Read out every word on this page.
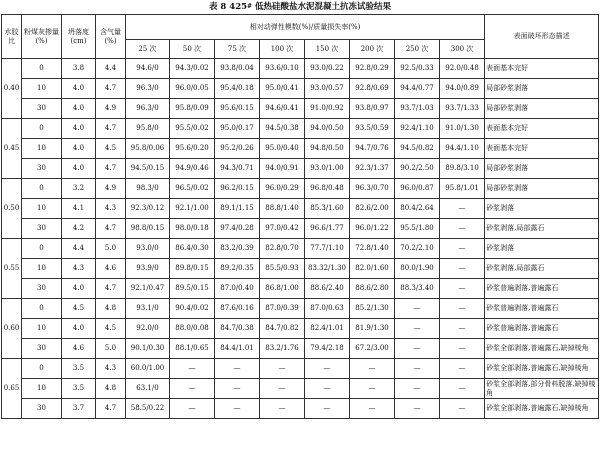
表 8 425# 低热硅酸盐水泥混凝土抗冻试验结果
水胶比	粉煤灰掺量(%)	坍落度(cm)	含气量(%)	相对动弹性模数(%)/质量损失率(%)								表面破坏形态描述
				25 次	50 次	75 次	100 次	150 次	200 次	250 次	300 次	
0.40	0	3.8	4.4	94.6/0	94.3/0.02	93.8/0.04	93.6/0.10	93.0/0.22	92.8/0.29	92.5/0.33	92.0/0.48	表面基本完好
	10	4.0	4.7	96.3/0	96.0/0.05	95.4/0.18	95.0/0.41	93.0/0.57	92.8/0.69	94.4/0.77	94.0/0.89	局部砂浆剥落
	30	4.0	4.9	96.3/0	95.8/0.09	95.6/0.15	94.6/0.41	91.0/0.92	93.8/0.97	93.7/1.03	93.7/1.33	局部砂浆剥落
0.45	0	4.0	4.7	95.8/0	95.5/0.02	95.0/0.17	94.5/0.38	94.0/0.50	93.5/0.59	92.4/1.10	91.0/1.30	表面基本完好
	10	4.0	4.5	95.8/0.06	95.6/0.20	95.2/0.26	95.0/0.40	94.8/0.50	94.7/0.76	94.5/0.82	94.4/1.10	表面基本完好
	30	4.0	4.7	94.5/0.15	94.9/0.46	94.3/0.71	94.0/0.91	93.0/1.00	92.3/1.37	90.2/2.50	89.8/3.10	局部砂浆剥落
0.50	0	3.2	4.9	98.3/0	96.5/0.02	96.2/0.15	96.0/0.29	96.8/0.48	96.3/0.70	96.0/0.87	95.8/1.01	局部砂浆剥落
	10	4.1	4.3	92.3/0.12	92.1/1.00	89.1/1.15	88.8/1.40	85.3/1.60	82.6/2.00	80.4/2.64	—	砂浆剥落
	30	4.2	4.7	98.8/0.15	98.0/0.18	97.4/0.28	97.0/0.42	96.6/1.77	96.0/1.22	95.5/1.80	—	砂浆剥落,局部露石
0.55	0	4.4	5.0	93.0/0	86.4/0.30	83.2/0.39	82.8/0.70	77.7/1.10	72.8/1.40	70.2/2.10	—	砂浆剥落
	10	4.3	4.6	93.9/0	89.8/0.15	89.2/0.35	85.5/0.93	83.32/1.30	82.0/1.60	80.0/1.90	—	砂浆剥落,局部露石
	30	4.0	4.7	92.1/0.47	89.5/0.15	87.0/0.40	86.8/1.00	88.6/2.40	88.6/2.80	88.3/3.40	—	砂浆普遍剥落,普遍露石
0.60	0	4.5	4.8	93.1/0	90.4/0.02	87.6/0.16	87.0/0.39	87.0/0.63	85.2/1.30	—	—	砂浆普遍剥落,普遍露石
	10	4.0	4.5	92.0/0	88.0/0.08	84.7/0.38	84.7/0.82	82.4/1.01	81.9/1.30	—	—	砂浆普遍剥落,普遍露石
	30	4.6	5.0	90.1/0.30	88.1/0.65	84.4/1.01	83.2/1.76	79.4/2.18	67.2/3.00	—	—	砂浆全部剥落,普遍露石,缺掉棱角
0.65	0	3.5	4.3	60.0/1.00	—	—	—	—	—	—	—	砂浆全部剥落,普遍露石,缺掉棱角
	10	3.5	4.8	63.1/0	—	—	—	—	—	—	—	砂浆全部剥落,部分骨料脱落,缺掉棱角
	30	3.7	4.7	58.5/0.22	—	—	—	—	—	—	—	砂浆全部剥落,普遍露石,缺掉棱角
